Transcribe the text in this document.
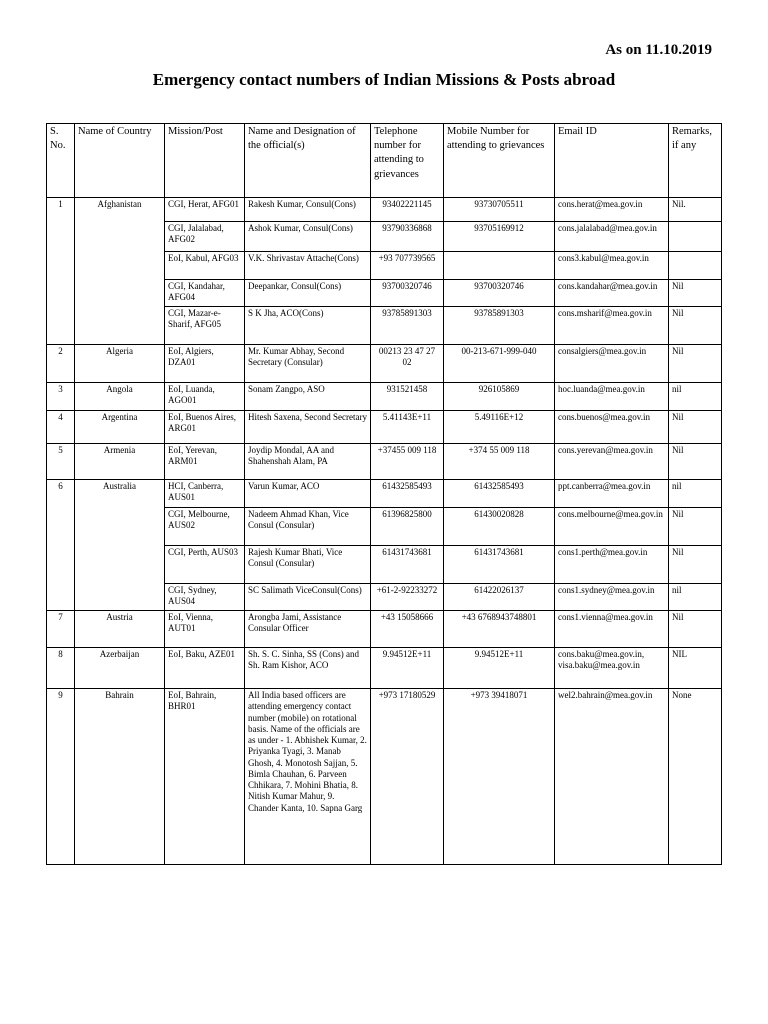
As on 11.10.2019
Emergency contact numbers of Indian Missions & Posts abroad
S. No.	Name of Country	Mission/Post	Name and Designation of the official(s)	Telephone number for attending to grievances	Mobile Number for attending to grievances	Email ID	Remarks, if any
1	Afghanistan	CGI, Herat, AFG01	Rakesh Kumar, Consul(Cons)	93402221145	93730705511	cons.herat@mea.gov.in	Nil.
		CGI, Jalalabad, AFG02	Ashok Kumar, Consul(Cons)	93790336868	93705169912	cons.jalalabad@mea.gov.in	
		EoI, Kabul, AFG03	V.K. Shrivastav Attache(Cons)	+93 707739565		cons3.kabul@mea.gov.in	
		CGI, Kandahar, AFG04	Deepankar, Consul(Cons)	93700320746	93700320746	cons.kandahar@mea.gov.in	Nil
		CGI, Mazar-e-Sharif, AFG05	S K Jha, ACO(Cons)	93785891303	93785891303	cons.msharif@mea.gov.in	Nil
2	Algeria	EoI, Algiers, DZA01	Mr. Kumar Abhay, Second Secretary (Consular)	00213 23 47 27 02	00-213-671-999-040	consalgiers@mea.gov.in	Nil
3	Angola	EoI, Luanda, AGO01	Sonam Zangpo, ASO	931521458	926105869	hoc.luanda@mea.gov.in	nil
4	Argentina	EoI, Buenos Aires, ARG01	Hitesh Saxena, Second Secretary	5.41143E+11	5.49116E+12	cons.buenos@mea.gov.in	Nil
5	Armenia	EoI, Yerevan, ARM01	Joydip Mondal, AA and Shahenshah Alam, PA	+37455 009 118	+374 55 009 118	cons.yerevan@mea.gov.in	Nil
6	Australia	HCI, Canberra, AUS01	Varun Kumar, ACO	61432585493	61432585493	ppt.canberra@mea.gov.in	nil
		CGI, Melbourne, AUS02	Nadeem Ahmad Khan, Vice Consul (Consular)	61396825800	61430020828	cons.melbourne@mea.gov.in	Nil
		CGI, Perth, AUS03	Rajesh Kumar Bhati, Vice Consul (Consular)	61431743681	61431743681	cons1.perth@mea.gov.in	Nil
		CGI, Sydney, AUS04	SC Salimath ViceConsul(Cons)	+61-2-92233272	61422026137	cons1.sydney@mea.gov.in	nil
7	Austria	EoI, Vienna, AUT01	Arongba Jami, Assistance Consular Officer	+43 15058666	+43 6768943748801	cons1.vienna@mea.gov.in	Nil
8	Azerbaijan	EoI, Baku, AZE01	Sh. S. C. Sinha, SS (Cons) and Sh. Ram Kishor, ACO	9.94512E+11	9.94512E+11	cons.baku@mea.gov.in, visa.baku@mea.gov.in	NIL
9	Bahrain	EoI, Bahrain, BHR01	All India based officers are attending emergency contact number (mobile) on rotational basis. Name of the officials are as under - 1. Abhishek Kumar, 2. Priyanka Tyagi, 3. Manab Ghosh, 4. Monotosh Sajjan, 5. Bimla Chauhan, 6. Parveen Chhikara, 7. Mohini Bhatia, 8. Nitish Kumar Mahur, 9. Chander Kanta, 10. Sapna Garg	+973 17180529	+973 39418071	wel2.bahrain@mea.gov.in	None
